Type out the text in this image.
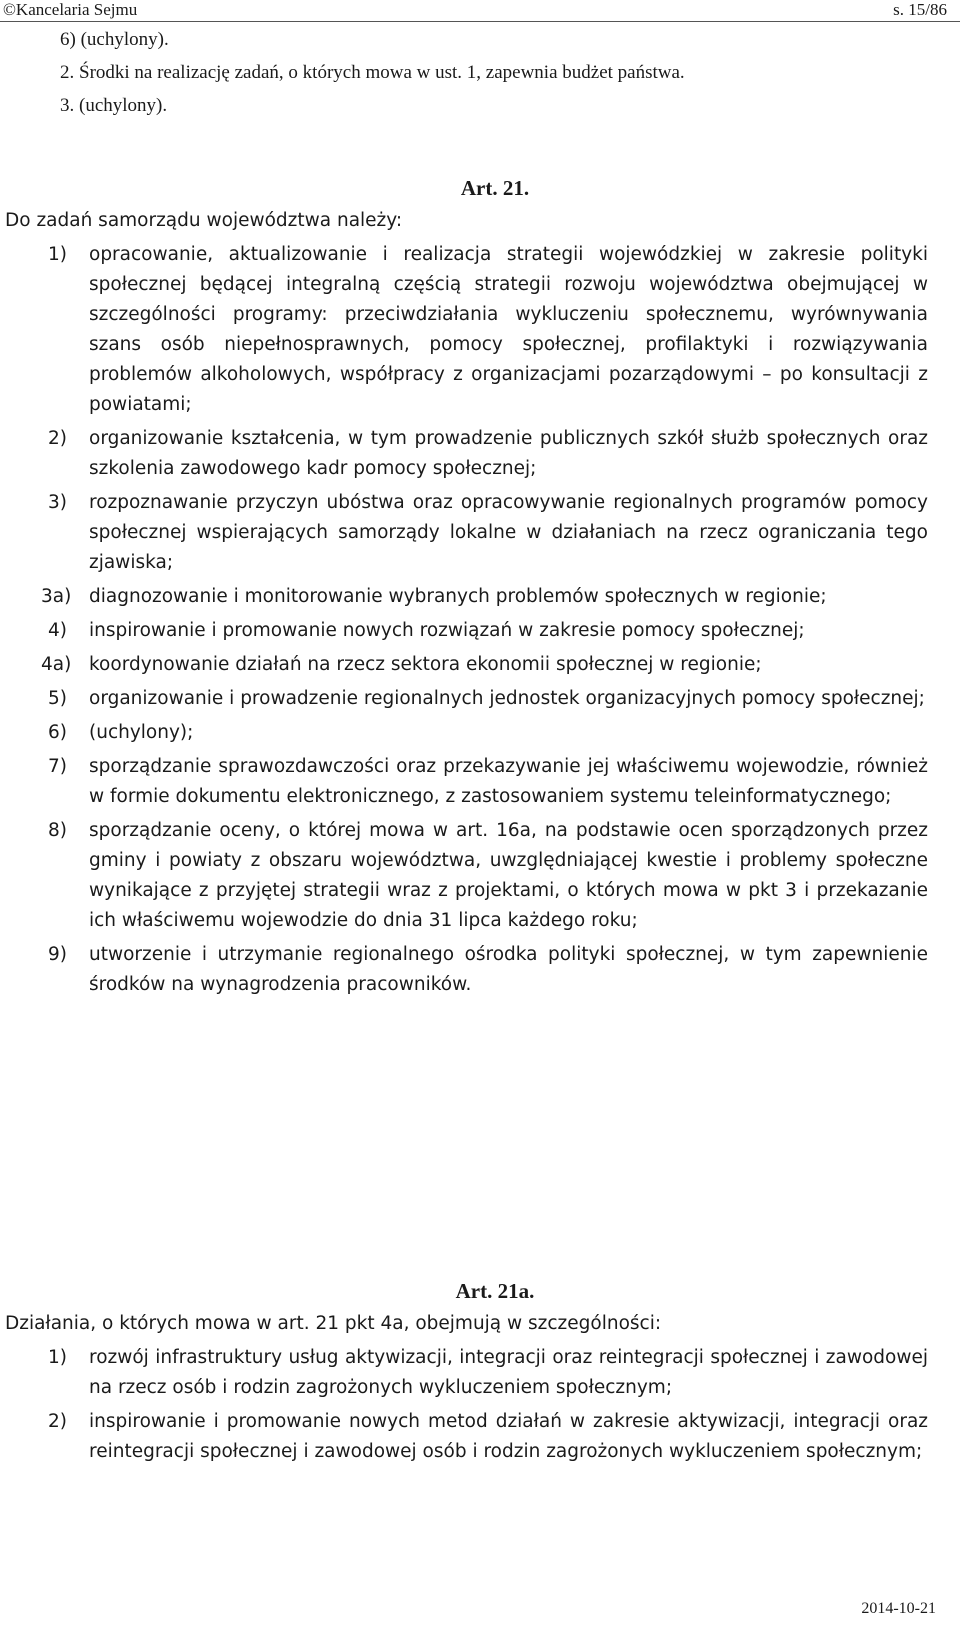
©Kancelaria Sejmu	s. 15/86

6) (uchylony).

2. Środki na realizację zadań, o których mowa w ust. 1, zapewnia budżet państwa.

3. (uchylony).

Art. 21.
Do zadań samorządu województwa należy:
1) opracowanie, aktualizowanie i realizacja strategii wojewódzkiej w zakresie polityki społecznej będącej integralną częścią strategii rozwoju województwa obejmującej w szczególności programy: przeciwdziałania wykluczeniu społecznemu, wyrównywania szans osób niepełnosprawnych, pomocy społecznej, profilaktyki i rozwiązywania problemów alkoholowych, współpracy z organizacjami pozarządowymi – po konsultacji z powiatami;
2) organizowanie kształcenia, w tym prowadzenie publicznych szkół służb społecznych oraz szkolenia zawodowego kadr pomocy społecznej;
3) rozpoznawanie przyczyn ubóstwa oraz opracowywanie regionalnych programów pomocy społecznej wspierających samorządy lokalne w działaniach na rzecz ograniczania tego zjawiska;
3a) diagnozowanie i monitorowanie wybranych problemów społecznych w regionie;
4) inspirowanie i promowanie nowych rozwiązań w zakresie pomocy społecznej;
4a) koordynowanie działań na rzecz sektora ekonomii społecznej w regionie;
5) organizowanie i prowadzenie regionalnych jednostek organizacyjnych pomocy społecznej;
6) (uchylony);
7) sporządzanie sprawozdawczości oraz przekazywanie jej właściwemu wojewodzie, również w formie dokumentu elektronicznego, z zastosowaniem systemu teleinformatycznego;
8) sporządzanie oceny, o której mowa w art. 16a, na podstawie ocen sporządzonych przez gminy i powiaty z obszaru województwa, uwzględniającej kwestie i problemy społeczne wynikające z przyjętej strategii wraz z projektami, o których mowa w pkt 3 i przekazanie ich właściwemu wojewodzie do dnia 31 lipca każdego roku;
9) utworzenie i utrzymanie regionalnego ośrodka polityki społecznej, w tym zapewnienie środków na wynagrodzenia pracowników.
Art. 21a.
Działania, o których mowa w art. 21 pkt 4a, obejmują w szczególności:
1) rozwój infrastruktury usług aktywizacji, integracji oraz reintegracji społecznej i zawodowej na rzecz osób i rodzin zagrożonych wykluczeniem społecznym;
2) inspirowanie i promowanie nowych metod działań w zakresie aktywizacji, integracji oraz reintegracji społecznej i zawodowej osób i rodzin zagrożonych wykluczeniem społecznym;
2014-10-21
